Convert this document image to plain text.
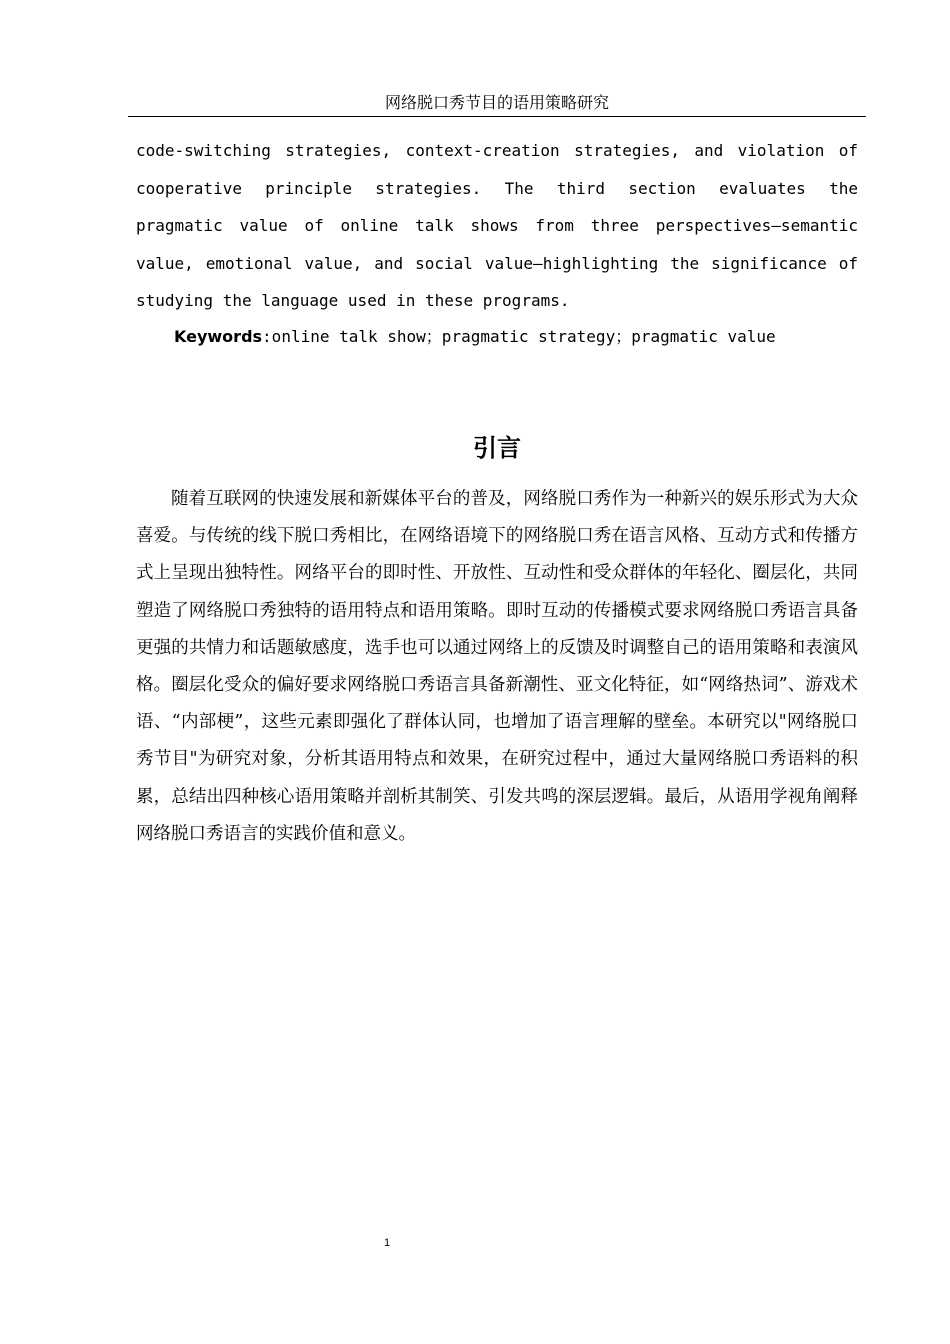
网络脱口秀节目的语用策略研究

code-switching strategies, context-creation strategies, and violation of cooperative principle strategies. The third section evaluates the pragmatic value of online talk shows from three perspectives—semantic value, emotional value, and social value—highlighting the significance of studying the language used in these programs.

Keywords:online talk show；pragmatic strategy；pragmatic value

引言

随着互联网的快速发展和新媒体平台的普及，网络脱口秀作为一种新兴的娱乐形式为大众喜爱。与传统的线下脱口秀相比，在网络语境下的网络脱口秀在语言风格、互动方式和传播方式上呈现出独特性。网络平台的即时性、开放性、互动性和受众群体的年轻化、圈层化，共同塑造了网络脱口秀独特的语用特点和语用策略。即时互动的传播模式要求网络脱口秀语言具备更强的共情力和话题敏感度，选手也可以通过网络上的反馈及时调整自己的语用策略和表演风格。圈层化受众的偏好要求网络脱口秀语言具备新潮性、亚文化特征，如“网络热词”、游戏术语、“内部梗”，这些元素即强化了群体认同，也增加了语言理解的壁垒。本研究以"网络脱口秀节目"为研究对象，分析其语用特点和效果，在研究过程中，通过大量网络脱口秀语料的积累，总结出四种核心语用策略并剖析其制笑、引发共鸣的深层逻辑。最后，从语用学视角阐释网络脱口秀语言的实践价值和意义。

1
